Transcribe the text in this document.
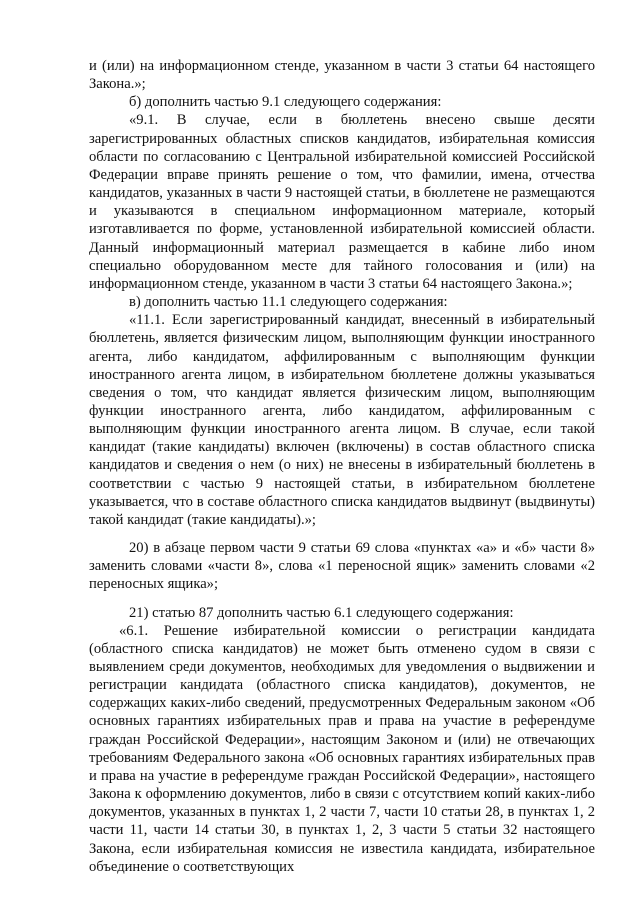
и (или) на информационном стенде, указанном в части 3 статьи 64 настоящего Закона.»;

б) дополнить частью 9.1 следующего содержания:

«9.1. В случае, если в бюллетень внесено свыше десяти зарегистрированных областных списков кандидатов, избирательная комиссия области по согласованию с Центральной избирательной комиссией Российской Федерации вправе принять решение о том, что фамилии, имена, отчества кандидатов, указанных в части 9 настоящей статьи, в бюллетене не размещаются и указываются в специальном информационном материале, который изготавливается по форме, установленной избирательной комиссией области. Данный информационный материал размещается в кабине либо ином специально оборудованном месте для тайного голосования и (или) на информационном стенде, указанном в части 3 статьи 64 настоящего Закона.»;

в) дополнить частью 11.1 следующего содержания:

«11.1. Если зарегистрированный кандидат, внесенный в избирательный бюллетень, является физическим лицом, выполняющим функции иностранного агента, либо кандидатом, аффилированным с выполняющим функции иностранного агента лицом, в избирательном бюллетене должны указываться сведения о том, что кандидат является физическим лицом, выполняющим функции иностранного агента, либо кандидатом, аффилированным с выполняющим функции иностранного агента лицом. В случае, если такой кандидат (такие кандидаты) включен (включены) в состав областного списка кандидатов и сведения о нем (о них) не внесены в избирательный бюллетень в соответствии с частью 9 настоящей статьи, в избирательном бюллетене указывается, что в составе областного списка кандидатов выдвинут (выдвинуты) такой кандидат (такие кандидаты).»;

20) в абзаце первом части 9 статьи 69 слова «пунктах «а» и «б» части 8» заменить словами «части 8», слова «1 переносной ящик» заменить словами «2 переносных ящика»;

21) статью 87 дополнить частью 6.1 следующего содержания:

«6.1. Решение избирательной комиссии о регистрации кандидата (областного списка кандидатов) не может быть отменено судом в связи с выявлением среди документов, необходимых для уведомления о выдвижении и регистрации кандидата (областного списка кандидатов), документов, не содержащих каких-либо сведений, предусмотренных Федеральным законом «Об основных гарантиях избирательных прав и права на участие в референдуме граждан Российской Федерации», настоящим Законом и (или) не отвечающих требованиям Федерального закона «Об основных гарантиях избирательных прав и права на участие в референдуме граждан Российской Федерации», настоящего Закона к оформлению документов, либо в связи с отсутствием копий каких-либо документов, указанных в пунктах 1, 2 части 7, части 10 статьи 28, в пунктах 1, 2 части 11, части 14 статьи 30, в пунктах 1, 2, 3 части 5 статьи 32 настоящего Закона, если избирательная комиссия не известила кандидата, избирательное объединение о соответствующих
